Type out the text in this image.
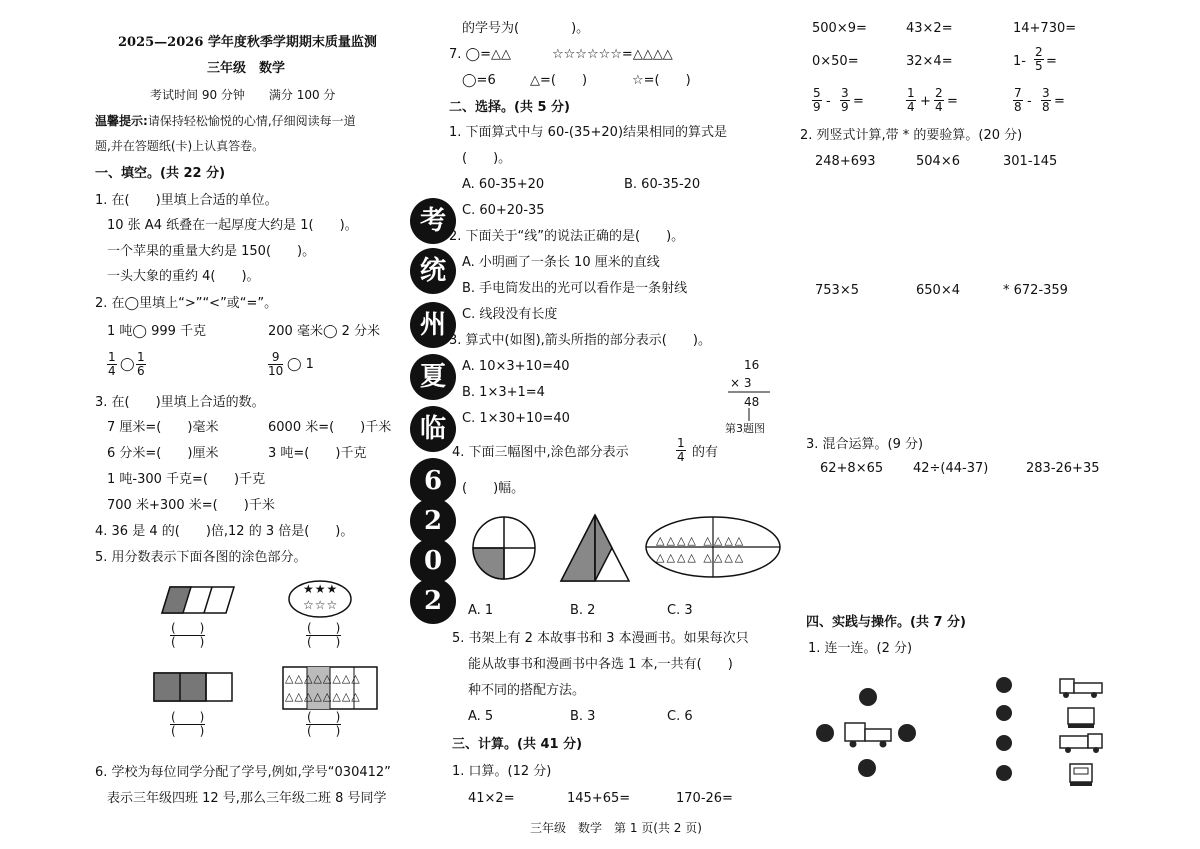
2025—2026 学年度秋季学期期末质量监测
三年级　数学
考试时间 90 分钟　　满分 100 分
温馨提示:请保持轻松愉悦的心情,仔细阅读每一道
题,并在答题纸(卡)上认真答卷。
一、填空。(共 22 分)
1. 在(　　)里填上合适的单位。
10 张 A4 纸叠在一起厚度大约是 1(　　)。
一个苹果的重量大约是 150(　　)。
一头大象的重约 4(　　)。
2. 在◯里填上“>”“<”或“=”。
1 吨◯ 999 千克	200 毫米◯ 2 分米
$\frac{1}{4}$ ◯ $\frac{1}{6}$	$\frac{9}{10}$ ◯ 1
3. 在(　　)里填上合适的数。
7 厘米=(　　)毫米	6000 米=(　　)千米
6 分米=(　　)厘米	3 吨=(　　)千克
1 吨-300 千克=(　　)千克
700 米+300 米=(　　)千米
4. 36 是 4 的(　　)倍,12 的 3 倍是(　　)。
5. 用分数表示下面各图的涂色部分。
★★★
☆☆☆
△△△△△△△△
△△△△△△△△
(　　)
(　　)
(　　)
(　　)
(　　)
(　　)
(　　)
(　　)
6. 学校为每位同学分配了学号,例如,学号“030412”
表示三年级四班 12 号,那么三年级二班 8 号同学
的学号为(　　　　)。
7. ◯=△△	☆☆☆☆☆☆=△△△△
◯=6	△=(　　)	☆=(　　)
二、选择。(共 5 分)
1. 下面算式中与 60-(35+20)结果相同的算式是
(　　)。
A. 60-35+20	B. 60-35-20
C. 60+20-35
2. 下面关于“线”的说法正确的是(　　)。
A. 小明画了一条长 10 厘米的直线
B. 手电筒发出的光可以看作是一条射线
C. 线段没有长度
3. 算式中(如图),箭头所指的部分表示(　　)。
A. 10×3+10=40
B. 1×3+1=4
C. 1×30+10=40
16
× 3
48
第3题图
4. 下面三幅图中,涂色部分表示	$\frac{1}{4}$ 的有
(　　)幅。
△△△△ △△△△
△△△△ △△△△
A. 1	B. 2	C. 3
5. 书架上有 2 本故事书和 3 本漫画书。如果每次只
能从故事书和漫画书中各选 1 本,一共有(　　)
种不同的搭配方法。
A. 5	B. 3	C. 6
三、计算。(共 41 分)
1. 口算。(12 分)
41×2=	145+65=	170-26=
考
统
州
夏
临
6
2
0
2
500×9=	43×2=	14+730=
0×50=	32×4=	$1- \frac{2}{5}$ =
$\frac{5}{9} - \frac{3}{9}$ =	$\frac{1}{4} + \frac{2}{4}$ =	$\frac{7}{8} - \frac{3}{8}$ =
2. 列竖式计算,带 * 的要验算。(20 分)
248+693	504×6	301-145
753×5	650×4	* 672-359
3. 混合运算。(9 分)
62+8×65 42÷(44-37)	283-26+35
四、实践与操作。(共 7 分)
1. 连一连。(2 分)
三年级　数学　第 1 页(共 2 页)
